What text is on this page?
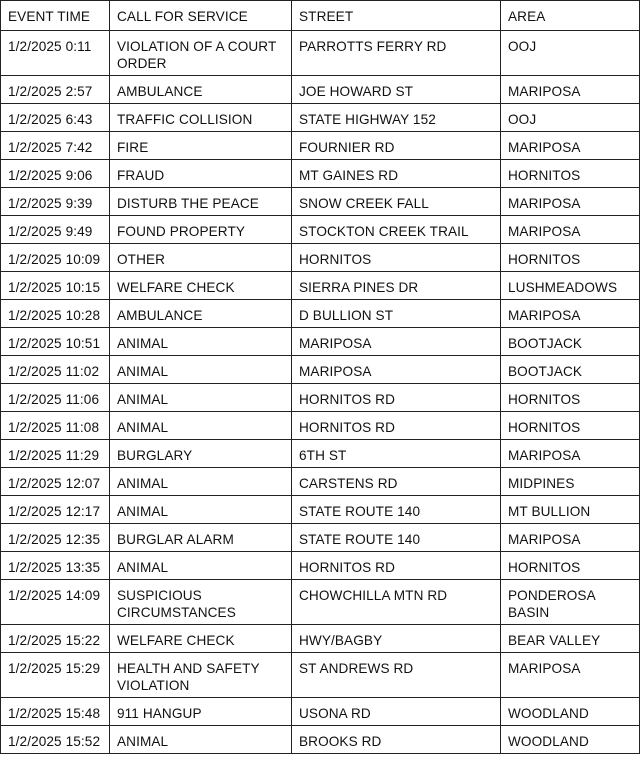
EVENT TIME	CALL FOR SERVICE	STREET	AREA
1/2/2025 0:11	VIOLATION OF A COURT ORDER	PARROTTS FERRY RD	OOJ
1/2/2025 2:57	AMBULANCE	JOE HOWARD ST	MARIPOSA
1/2/2025 6:43	TRAFFIC COLLISION	STATE HIGHWAY 152	OOJ
1/2/2025 7:42	FIRE	FOURNIER RD	MARIPOSA
1/2/2025 9:06	FRAUD	MT GAINES RD	HORNITOS
1/2/2025 9:39	DISTURB THE PEACE	SNOW CREEK FALL	MARIPOSA
1/2/2025 9:49	FOUND PROPERTY	STOCKTON CREEK TRAIL	MARIPOSA
1/2/2025 10:09	OTHER	HORNITOS	HORNITOS
1/2/2025 10:15	WELFARE CHECK	SIERRA PINES DR	LUSHMEADOWS
1/2/2025 10:28	AMBULANCE	D BULLION ST	MARIPOSA
1/2/2025 10:51	ANIMAL	MARIPOSA	BOOTJACK
1/2/2025 11:02	ANIMAL	MARIPOSA	BOOTJACK
1/2/2025 11:06	ANIMAL	HORNITOS RD	HORNITOS
1/2/2025 11:08	ANIMAL	HORNITOS RD	HORNITOS
1/2/2025 11:29	BURGLARY	6TH ST	MARIPOSA
1/2/2025 12:07	ANIMAL	CARSTENS RD	MIDPINES
1/2/2025 12:17	ANIMAL	STATE ROUTE 140	MT BULLION
1/2/2025 12:35	BURGLAR ALARM	STATE ROUTE 140	MARIPOSA
1/2/2025 13:35	ANIMAL	HORNITOS RD	HORNITOS
1/2/2025 14:09	SUSPICIOUS CIRCUMSTANCES	CHOWCHILLA MTN RD	PONDEROSA BASIN
1/2/2025 15:22	WELFARE CHECK	HWY/BAGBY	BEAR VALLEY
1/2/2025 15:29	HEALTH AND SAFETY VIOLATION	ST ANDREWS RD	MARIPOSA
1/2/2025 15:48	911 HANGUP	USONA RD	WOODLAND
1/2/2025 15:52	ANIMAL	BROOKS RD	WOODLAND
